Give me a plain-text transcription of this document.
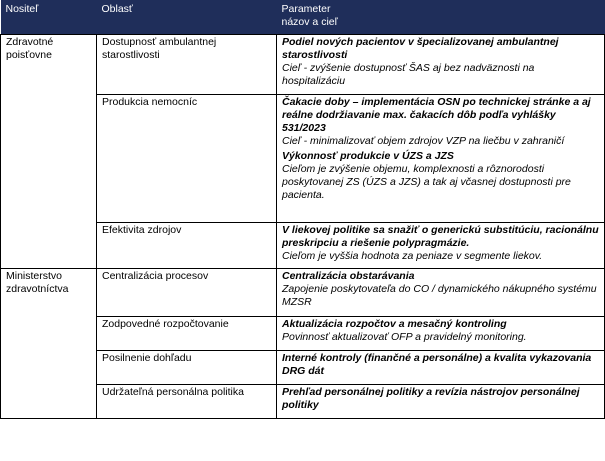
Nositeľ	Oblasť	Parameter
názov a cieľ

Zdravotné poisťovne	Dostupnosť ambulantnej starostlivosti	Podiel nových pacientov v špecializovanej ambulantnej starostlivosti
Cieľ - zvýšenie dostupnosť ŠAS aj bez nadväznosti na hospitalizáciu

	Produkcia nemocníc	Čakacie doby – implementácia OSN po technickej stránke a aj reálne dodržiavanie max. čakacích dôb podľa vyhlášky 531/2023
Cieľ - minimalizovať objem zdrojov VZP na liečbu v zahraničí
Výkonnosť produkcie v ÚZS a JZS
Cieľom je zvýšenie objemu, komplexnosti a rôznorodosti poskytovanej ZS (ÚZS a JZS) a tak aj včasnej dostupnosti pre pacienta.

	Efektivita zdrojov	V liekovej politike sa snažiť o generickú substitúciu, racionálnu preskripciu a riešenie polypragmázie.
Cieľom je vyššia hodnota za peniaze v segmente liekov.

Ministerstvo zdravotníctva	Centralizácia procesov	Centralizácia obstarávania
Zapojenie poskytovateľa do CO / dynamického nákupného systému MZSR

	Zodpovedné rozpočtovanie	Aktualizácia rozpočtov a mesačný kontroling
Povinnosť aktualizovať OFP a pravidelný monitoring.

	Posilnenie dohľadu	Interné kontroly (finančné a personálne) a kvalita vykazovania DRG dát

	Udržateľná personálna politika	Prehľad personálnej politiky a revízia nástrojov personálnej politiky
